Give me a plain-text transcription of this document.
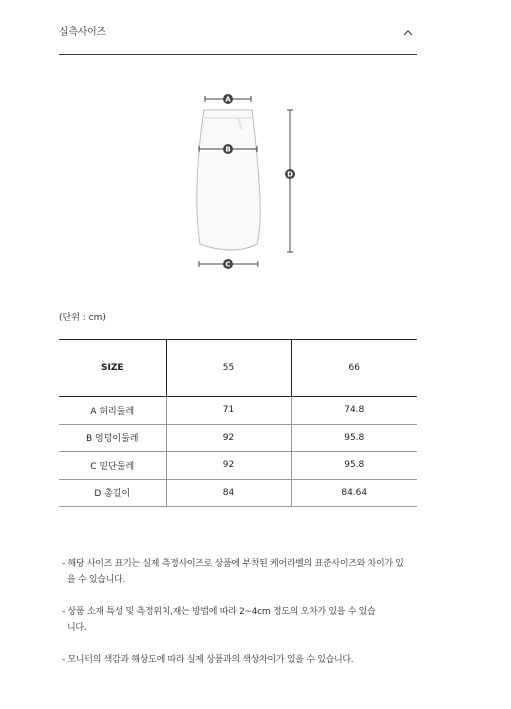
실측사이즈
A
B
C
D
(단위 : cm)
SIZE	55	66
A 허리둘레	71	74.8
B 엉덩이둘레	92	95.8
C 밑단둘레	92	95.8
D 총길이	84	84.64

- 해당 사이즈 표기는 실제 측정사이즈로 상품에 부착된 케어라벨의 표준사이즈와 차이가 있을 수 있습니다.

- 상품 소재 특성 및 측정위치,재는 방법에 따라 2~4cm 정도의 오차가 있을 수 있습니다.

- 모니터의 색감과 해상도에 따라 실제 상품과의 색상차이가 있을 수 있습니다.
